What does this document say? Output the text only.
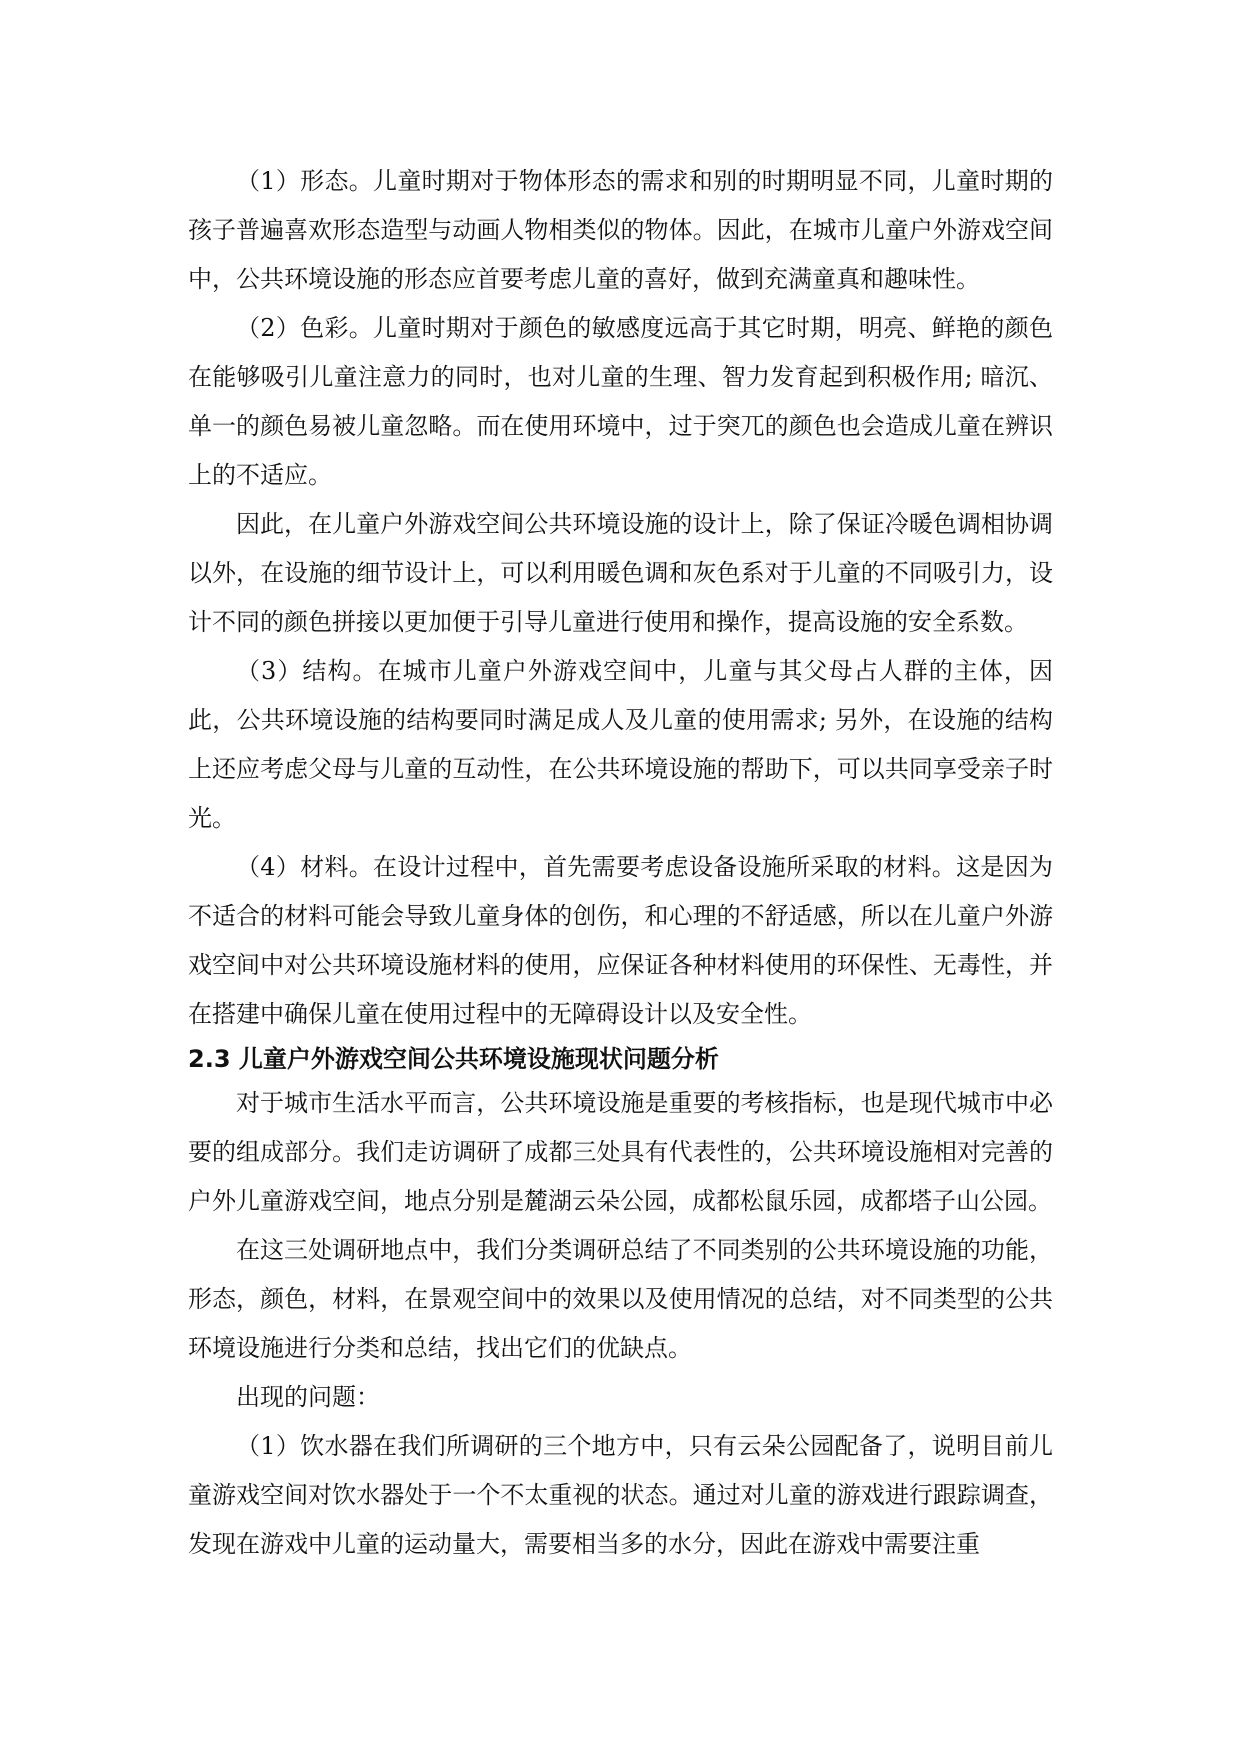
（1）形态。儿童时期对于物体形态的需求和别的时期明显不同，儿童时期的孩子普遍喜欢形态造型与动画人物相类似的物体。因此，在城市儿童户外游戏空间中，公共环境设施的形态应首要考虑儿童的喜好，做到充满童真和趣味性。

（2）色彩。儿童时期对于颜色的敏感度远高于其它时期，明亮、鲜艳的颜色在能够吸引儿童注意力的同时，也对儿童的生理、智力发育起到积极作用; 暗沉、单一的颜色易被儿童忽略。而在使用环境中，过于突兀的颜色也会造成儿童在辨识上的不适应。

因此，在儿童户外游戏空间公共环境设施的设计上，除了保证冷暖色调相协调以外，在设施的细节设计上，可以利用暖色调和灰色系对于儿童的不同吸引力，设计不同的颜色拼接以更加便于引导儿童进行使用和操作，提高设施的安全系数。

（3）结构。在城市儿童户外游戏空间中，儿童与其父母占人群的主体，因此，公共环境设施的结构要同时满足成人及儿童的使用需求; 另外，在设施的结构上还应考虑父母与儿童的互动性，在公共环境设施的帮助下，可以共同享受亲子时光。

（4）材料。在设计过程中，首先需要考虑设备设施所采取的材料。这是因为不适合的材料可能会导致儿童身体的创伤，和心理的不舒适感，所以在儿童户外游戏空间中对公共环境设施材料的使用，应保证各种材料使用的环保性、无毒性，并在搭建中确保儿童在使用过程中的无障碍设计以及安全性。

2.3 儿童户外游戏空间公共环境设施现状问题分析

对于城市生活水平而言，公共环境设施是重要的考核指标，也是现代城市中必要的组成部分。我们走访调研了成都三处具有代表性的，公共环境设施相对完善的户外儿童游戏空间，地点分别是麓湖云朵公园，成都松鼠乐园，成都塔子山公园。

在这三处调研地点中，我们分类调研总结了不同类别的公共环境设施的功能，形态，颜色，材料，在景观空间中的效果以及使用情况的总结，对不同类型的公共环境设施进行分类和总结，找出它们的优缺点。

出现的问题：

（1）饮水器在我们所调研的三个地方中，只有云朵公园配备了，说明目前儿童游戏空间对饮水器处于一个不太重视的状态。通过对儿童的游戏进行跟踪调查，发现在游戏中儿童的运动量大，需要相当多的水分，因此在游戏中需要注重
